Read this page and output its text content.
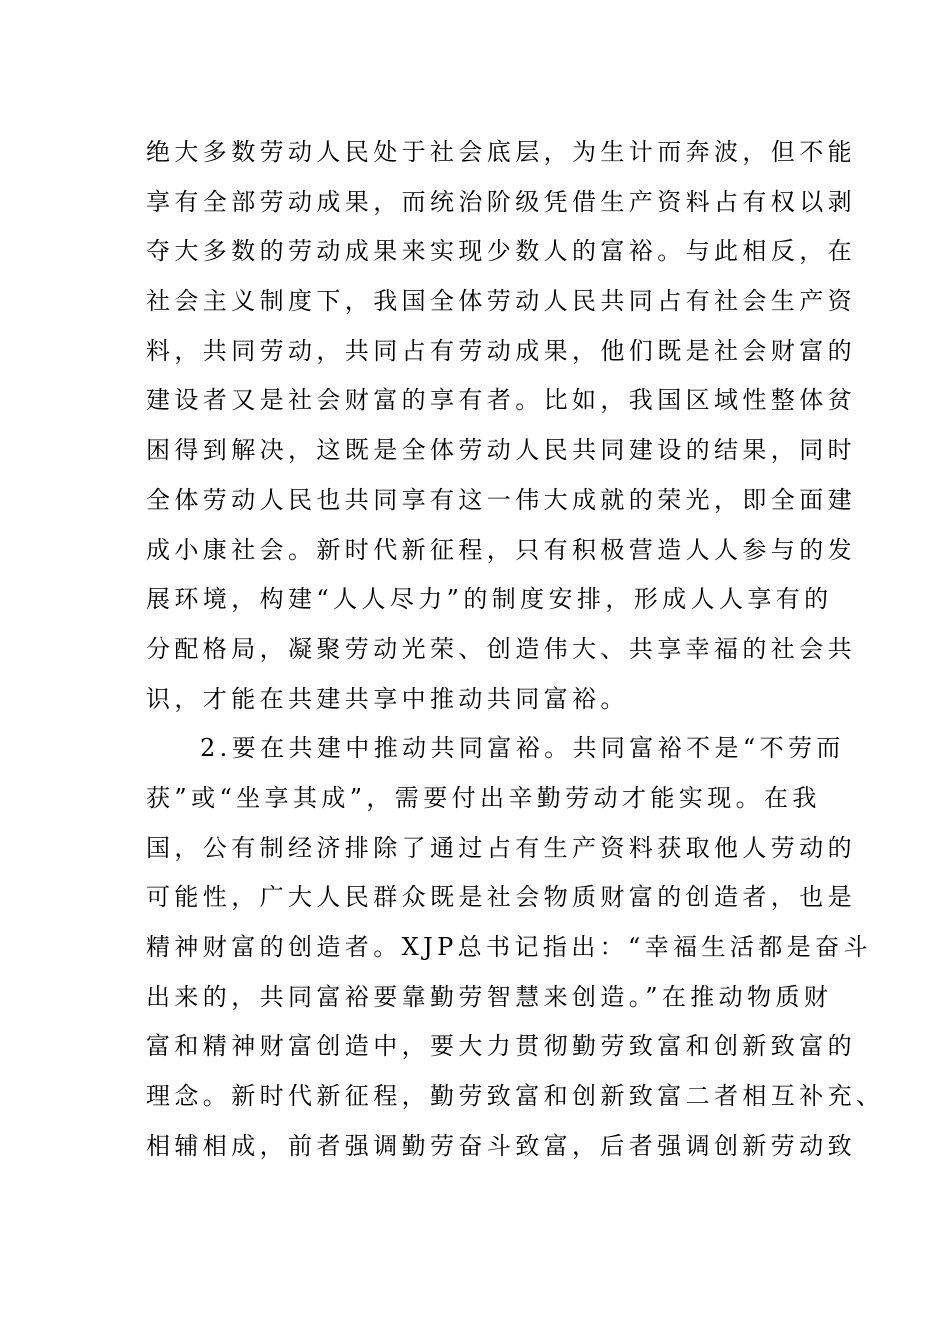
绝大多数劳动人民处于社会底层，为生计而奔波，但不能
享有全部劳动成果，而统治阶级凭借生产资料占有权以剥
夺大多数的劳动成果来实现少数人的富裕。与此相反，在
社会主义制度下，我国全体劳动人民共同占有社会生产资
料，共同劳动，共同占有劳动成果，他们既是社会财富的
建设者又是社会财富的享有者。比如，我国区域性整体贫
困得到解决，这既是全体劳动人民共同建设的结果，同时
全体劳动人民也共同享有这一伟大成就的荣光，即全面建
成小康社会。新时代新征程，只有积极营造人人参与的发
展环境，构建“人人尽力”的制度安排，形成人人享有的
分配格局，凝聚劳动光荣、创造伟大、共享幸福的社会共
识，才能在共建共享中推动共同富裕。
2.要在共建中推动共同富裕。共同富裕不是“不劳而
获”或“坐享其成”，需要付出辛勤劳动才能实现。在我
国，公有制经济排除了通过占有生产资料获取他人劳动的
可能性，广大人民群众既是社会物质财富的创造者，也是
精神财富的创造者。XJP总书记指出：“幸福生活都是奋斗
出来的，共同富裕要靠勤劳智慧来创造。”在推动物质财
富和精神财富创造中，要大力贯彻勤劳致富和创新致富的
理念。新时代新征程，勤劳致富和创新致富二者相互补充、
相辅相成，前者强调勤劳奋斗致富，后者强调创新劳动致
